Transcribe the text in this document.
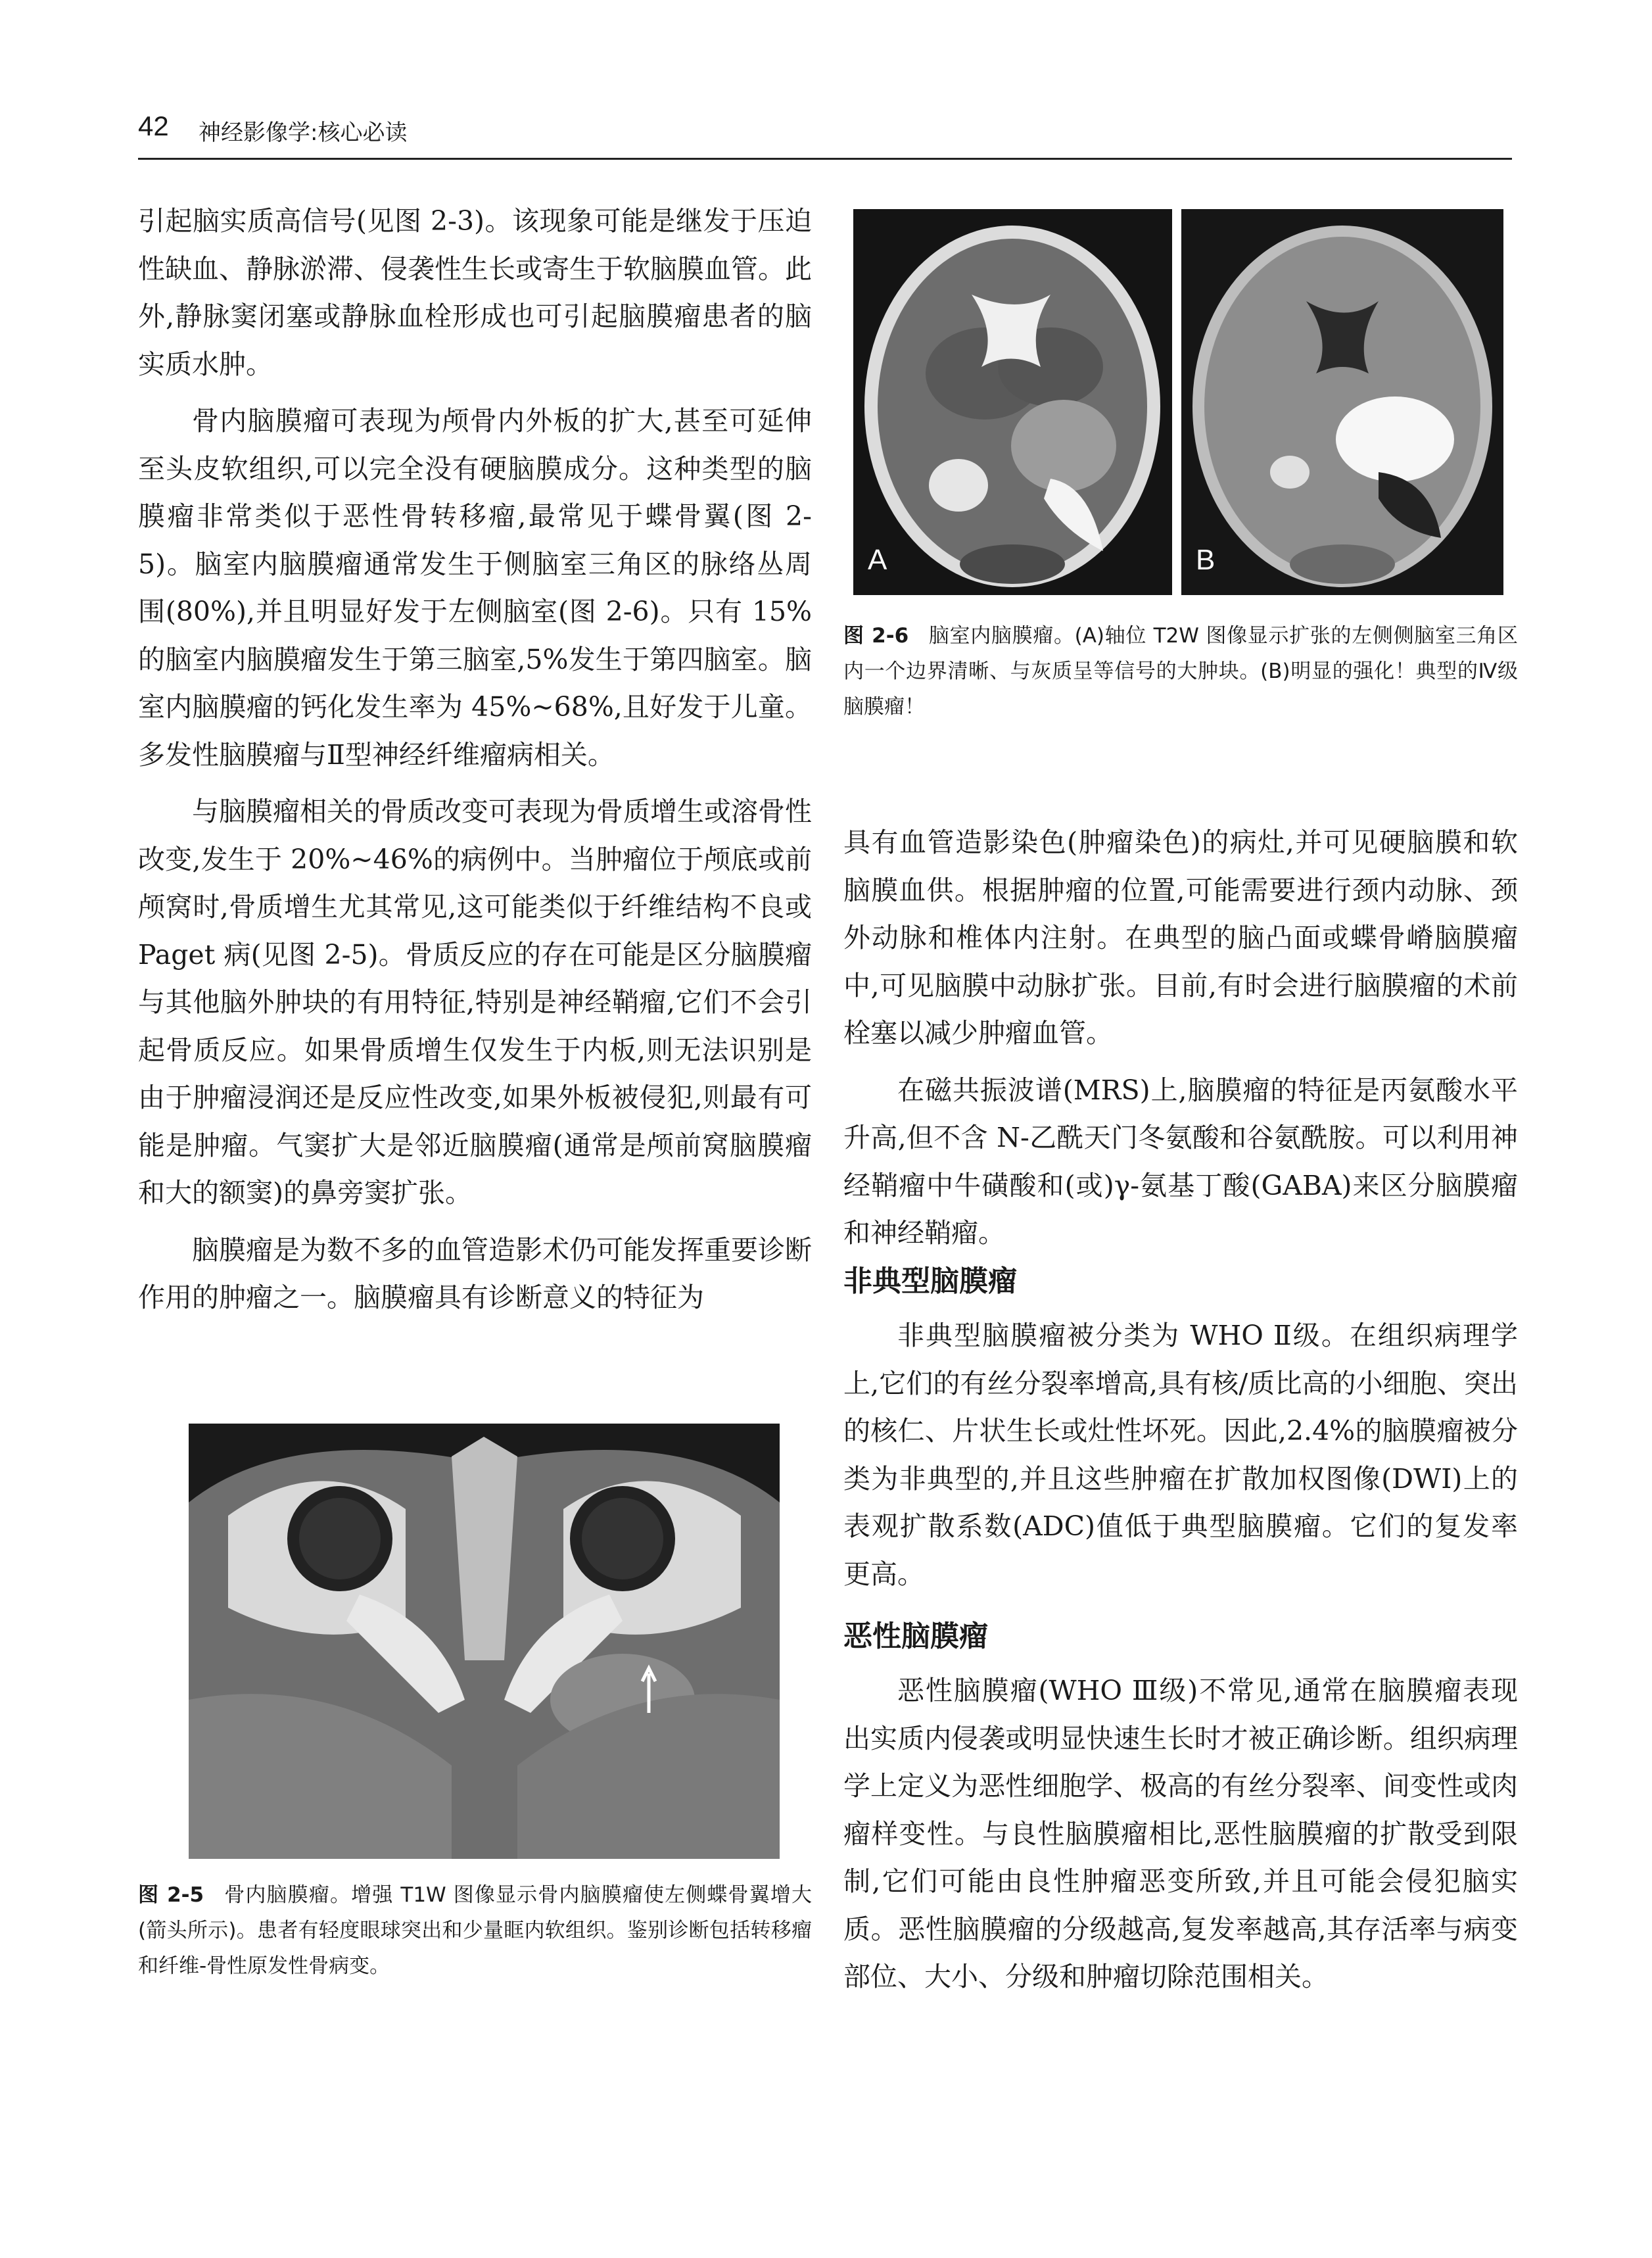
42 神经影像学:核心必读

引起脑实质高信号(见图 2-3)。该现象可能是继发于压迫性缺血、静脉淤滞、侵袭性生长或寄生于软脑膜血管。此外,静脉窦闭塞或静脉血栓形成也可引起脑膜瘤患者的脑实质水肿。

骨内脑膜瘤可表现为颅骨内外板的扩大,甚至可延伸至头皮软组织,可以完全没有硬脑膜成分。这种类型的脑膜瘤非常类似于恶性骨转移瘤,最常见于蝶骨翼(图 2-5)。脑室内脑膜瘤通常发生于侧脑室三角区的脉络丛周围(80%),并且明显好发于左侧脑室(图 2-6)。只有 15%的脑室内脑膜瘤发生于第三脑室,5%发生于第四脑室。脑室内脑膜瘤的钙化发生率为 45%~68%,且好发于儿童。多发性脑膜瘤与Ⅱ型神经纤维瘤病相关。

与脑膜瘤相关的骨质改变可表现为骨质增生或溶骨性改变,发生于 20%~46%的病例中。当肿瘤位于颅底或前颅窝时,骨质增生尤其常见,这可能类似于纤维结构不良或 Paget 病(见图 2-5)。骨质反应的存在可能是区分脑膜瘤与其他脑外肿块的有用特征,特别是神经鞘瘤,它们不会引起骨质反应。如果骨质增生仅发生于内板,则无法识别是由于肿瘤浸润还是反应性改变,如果外板被侵犯,则最有可能是肿瘤。气窦扩大是邻近脑膜瘤(通常是颅前窝脑膜瘤和大的额窦)的鼻旁窦扩张。

脑膜瘤是为数不多的血管造影术仍可能发挥重要诊断作用的肿瘤之一。脑膜瘤具有诊断意义的特征为

A	B
图 2-6 脑室内脑膜瘤。(A)轴位 T2W 图像显示扩张的左侧侧脑室三角区内一个边界清晰、与灰质呈等信号的大肿块。(B)明显的强化！典型的Ⅳ级脑膜瘤！

具有血管造影染色(肿瘤染色)的病灶,并可见硬脑膜和软脑膜血供。根据肿瘤的位置,可能需要进行颈内动脉、颈外动脉和椎体内注射。在典型的脑凸面或蝶骨嵴脑膜瘤中,可见脑膜中动脉扩张。目前,有时会进行脑膜瘤的术前栓塞以减少肿瘤血管。

在磁共振波谱(MRS)上,脑膜瘤的特征是丙氨酸水平升高,但不含 N-乙酰天门冬氨酸和谷氨酰胺。可以利用神经鞘瘤中牛磺酸和(或)γ-氨基丁酸(GABA)来区分脑膜瘤和神经鞘瘤。

非典型脑膜瘤

非典型脑膜瘤被分类为 WHO Ⅱ级。在组织病理学上,它们的有丝分裂率增高,具有核/质比高的小细胞、突出的核仁、片状生长或灶性坏死。因此,2.4%的脑膜瘤被分类为非典型的,并且这些肿瘤在扩散加权图像(DWI)上的表观扩散系数(ADC)值低于典型脑膜瘤。它们的复发率更高。

恶性脑膜瘤

恶性脑膜瘤(WHO Ⅲ级)不常见,通常在脑膜瘤表现出实质内侵袭或明显快速生长时才被正确诊断。组织病理学上定义为恶性细胞学、极高的有丝分裂率、间变性或肉瘤样变性。与良性脑膜瘤相比,恶性脑膜瘤的扩散受到限制,它们可能由良性肿瘤恶变所致,并且可能会侵犯脑实质。恶性脑膜瘤的分级越高,复发率越高,其存活率与病变部位、大小、分级和肿瘤切除范围相关。

图 2-5 骨内脑膜瘤。增强 T1W 图像显示骨内脑膜瘤使左侧蝶骨翼增大(箭头所示)。患者有轻度眼球突出和少量眶内软组织。鉴别诊断包括转移瘤和纤维-骨性原发性骨病变。
